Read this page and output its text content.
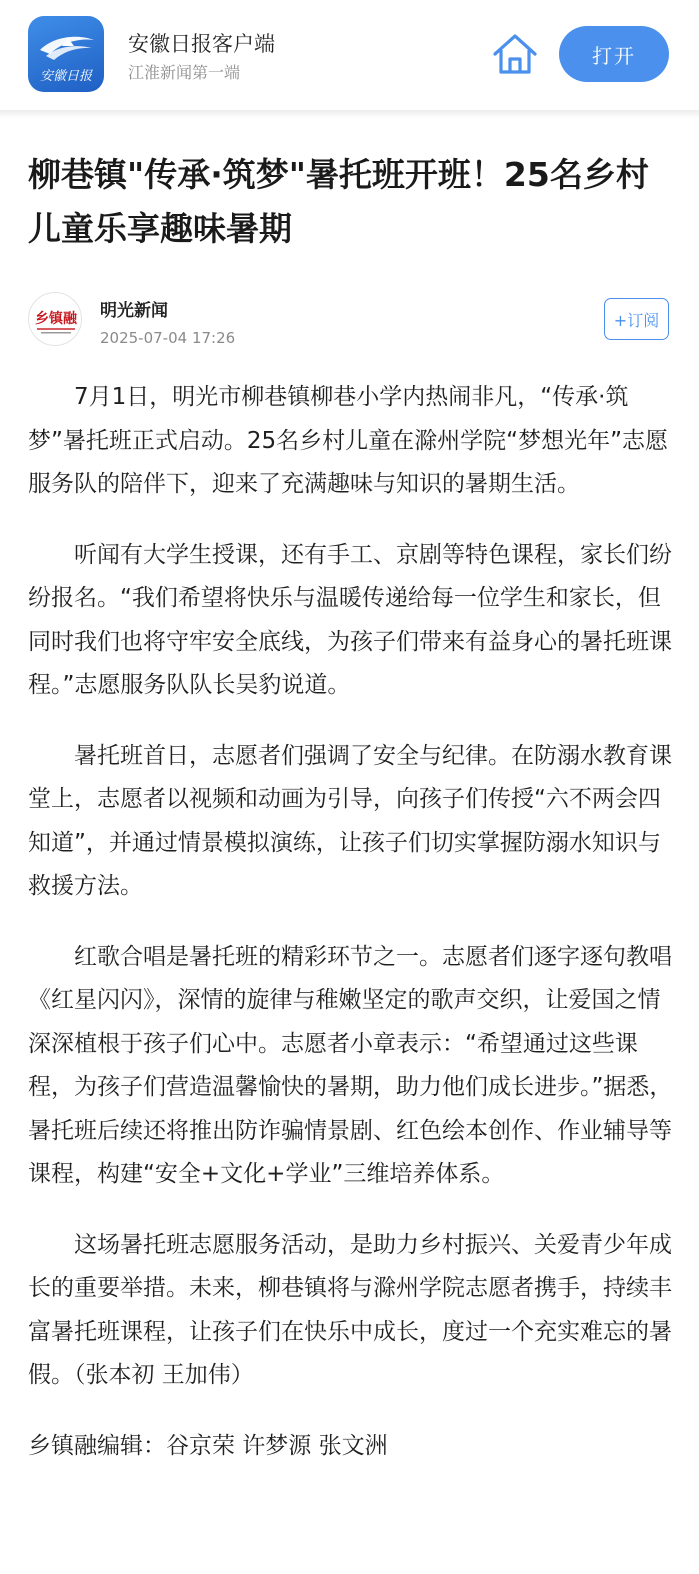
安徽日报
安徽日报客户端
江淮新闻第一端
打开
柳巷镇"传承·筑梦"暑托班开班！25名乡村儿童乐享趣味暑期
乡镇融 明光新闻
2025-07-04 17:26
+订阅

7月1日，明光市柳巷镇柳巷小学内热闹非凡，“传承·筑梦”暑托班正式启动。25名乡村儿童在滁州学院“梦想光年”志愿服务队的陪伴下，迎来了充满趣味与知识的暑期生活。

听闻有大学生授课，还有手工、京剧等特色课程，家长们纷纷报名。“我们希望将快乐与温暖传递给每一位学生和家长，但同时我们也将守牢安全底线，为孩子们带来有益身心的暑托班课程。”志愿服务队队长吴豹说道。

暑托班首日，志愿者们强调了安全与纪律。在防溺水教育课堂上，志愿者以视频和动画为引导，向孩子们传授“六不两会四知道”，并通过情景模拟演练，让孩子们切实掌握防溺水知识与救援方法。

红歌合唱是暑托班的精彩环节之一。志愿者们逐字逐句教唱《红星闪闪》，深情的旋律与稚嫩坚定的歌声交织，让爱国之情深深植根于孩子们心中。志愿者小章表示：“希望通过这些课程，为孩子们营造温馨愉快的暑期，助力他们成长进步。”据悉，暑托班后续还将推出防诈骗情景剧、红色绘本创作、作业辅导等课程，构建“安全+文化+学业”三维培养体系。

这场暑托班志愿服务活动，是助力乡村振兴、关爱青少年成长的重要举措。未来，柳巷镇将与滁州学院志愿者携手，持续丰富暑托班课程，让孩子们在快乐中成长，度过一个充实难忘的暑假。（张本初 王加伟）

乡镇融编辑：谷京荣 许梦源 张文洲
